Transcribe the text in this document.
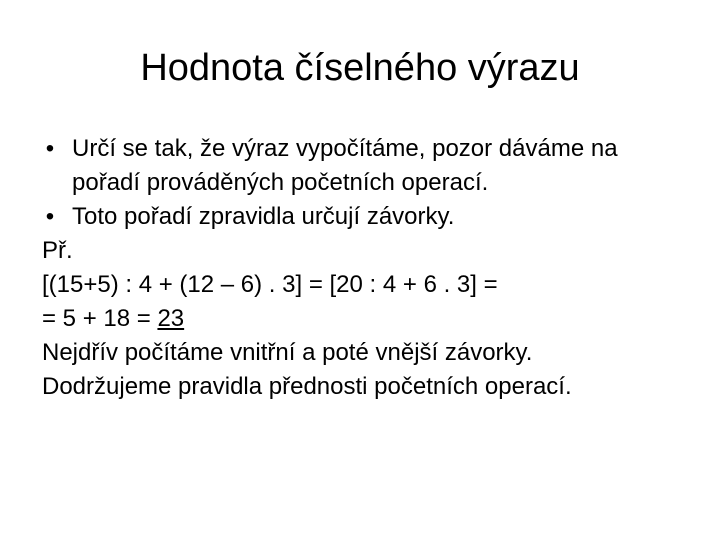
Hodnota číselného výrazu
• Určí se tak, že výraz vypočítáme, pozor dáváme na pořadí prováděných početních operací.
• Toto pořadí zpravidla určují závorky.
Př.
[(15+5) : 4 + (12 – 6) . 3] = [20 : 4 + 6 . 3] =
= 5 + 18 = 23
Nejdřív počítáme vnitřní a poté vnější závorky.
Dodržujeme pravidla přednosti početních operací.
